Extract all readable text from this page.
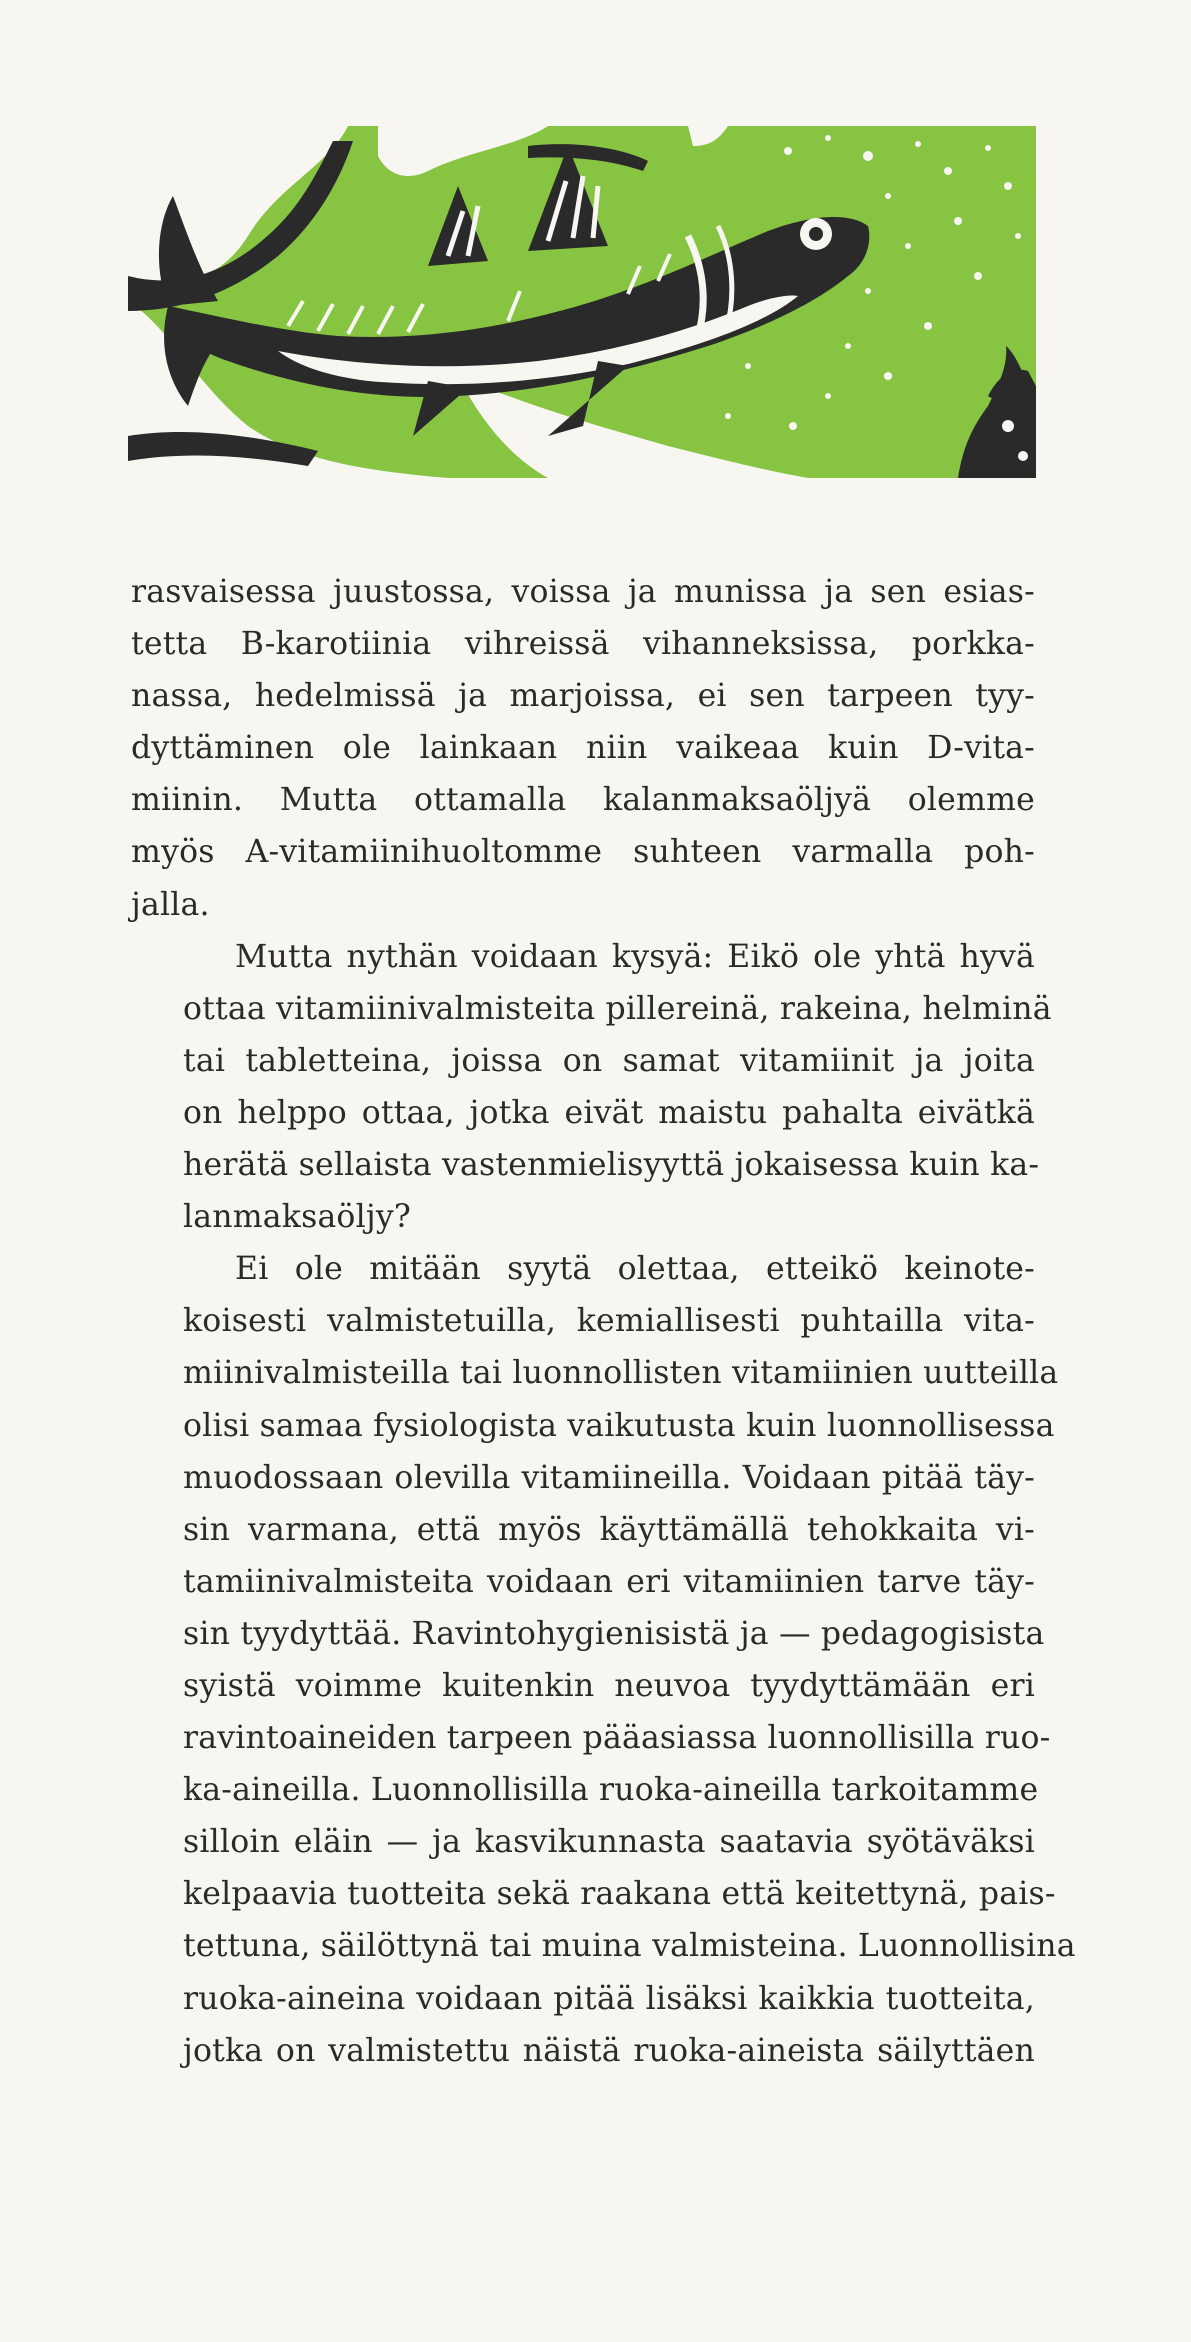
rasvaisessa juustossa, voissa ja munissa ja sen esias-
tetta B-karotiinia vihreissä vihanneksissa, porkka-
nassa, hedelmissä ja marjoissa, ei sen tarpeen tyy-
dyttäminen ole lainkaan niin vaikeaa kuin D-vita-
miinin. Mutta ottamalla kalanmaksaöljyä olemme
myös A-vitamiinihuoltomme suhteen varmalla poh-
jalla.

Mutta nythän voidaan kysyä: Eikö ole yhtä hyvä
ottaa vitamiinivalmisteita pillereinä, rakeina, helminä
tai tabletteina, joissa on samat vitamiinit ja joita
on helppo ottaa, jotka eivät maistu pahalta eivätkä
herätä sellaista vastenmielisyyttä jokaisessa kuin ka-
lanmaksaöljy?

Ei ole mitään syytä olettaa, etteikö keinote-
koisesti valmistetuilla, kemiallisesti puhtailla vita-
miinivalmisteilla tai luonnollisten vitamiinien uutteilla
olisi samaa fysiologista vaikutusta kuin luonnollisessa
muodossaan olevilla vitamiineilla. Voidaan pitää täy-
sin varmana, että myös käyttämällä tehokkaita vi-
tamiinivalmisteita voidaan eri vitamiinien tarve täy-
sin tyydyttää. Ravintohygienisistä ja — pedagogisista
syistä voimme kuitenkin neuvoa tyydyttämään eri
ravintoaineiden tarpeen pääasiassa luonnollisilla ruo-
ka-aineilla. Luonnollisilla ruoka-aineilla tarkoitamme
silloin eläin — ja kasvikunnasta saatavia syötäväksi
kelpaavia tuotteita sekä raakana että keitettynä, pais-
tettuna, säilöttynä tai muina valmisteina. Luonnollisina
ruoka-aineina voidaan pitää lisäksi kaikkia tuotteita,
jotka on valmistettu näistä ruoka-aineista säilyttäen
